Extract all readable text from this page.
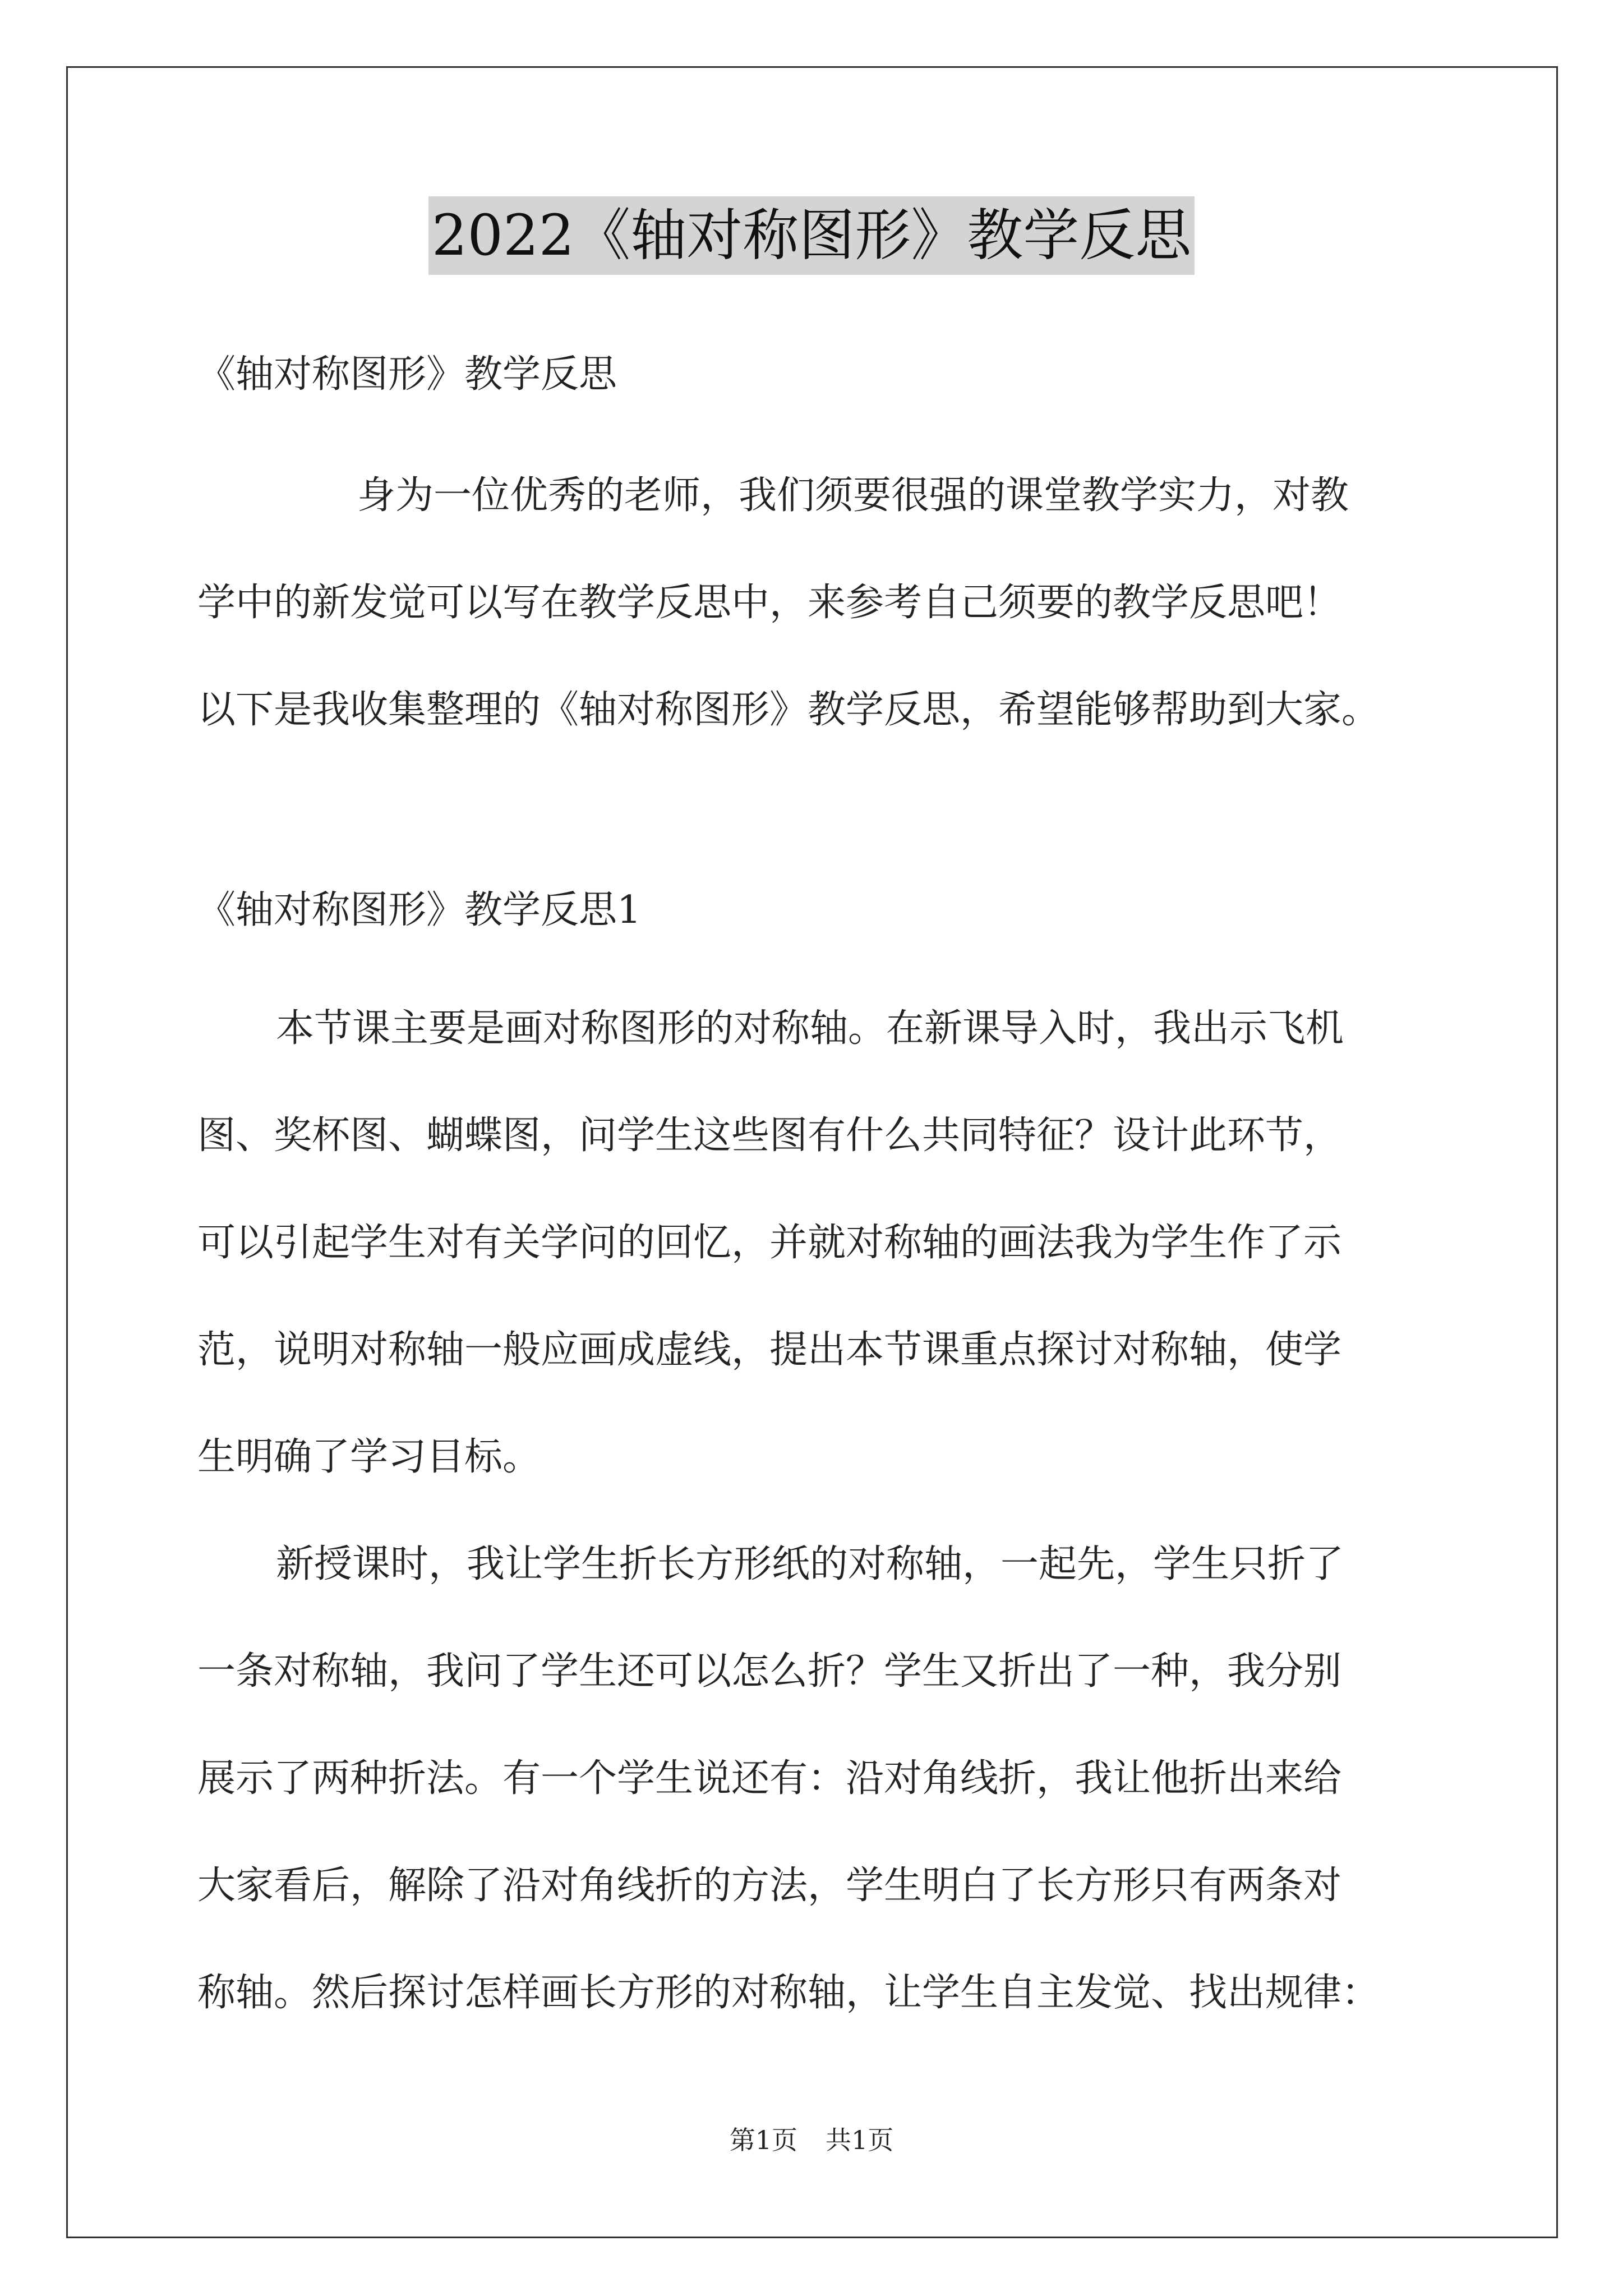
2022《轴对称图形》教学反思

《轴对称图形》教学反思

身为一位优秀的老师，我们须要很强的课堂教学实力，对教
学中的新发觉可以写在教学反思中，来参考自己须要的教学反思吧！
以下是我收集整理的《轴对称图形》教学反思，希望能够帮助到大家。

《轴对称图形》教学反思1

本节课主要是画对称图形的对称轴。在新课导入时，我出示飞机
图、奖杯图、蝴蝶图，问学生这些图有什么共同特征？设计此环节，
可以引起学生对有关学问的回忆，并就对称轴的画法我为学生作了示
范，说明对称轴一般应画成虚线，提出本节课重点探讨对称轴，使学
生明确了学习目标。
新授课时，我让学生折长方形纸的对称轴，一起先，学生只折了
一条对称轴，我问了学生还可以怎么折？学生又折出了一种，我分别
展示了两种折法。有一个学生说还有：沿对角线折，我让他折出来给
大家看后，解除了沿对角线折的方法，学生明白了长方形只有两条对
称轴。然后探讨怎样画长方形的对称轴，让学生自主发觉、找出规律：
第1页 共1页
